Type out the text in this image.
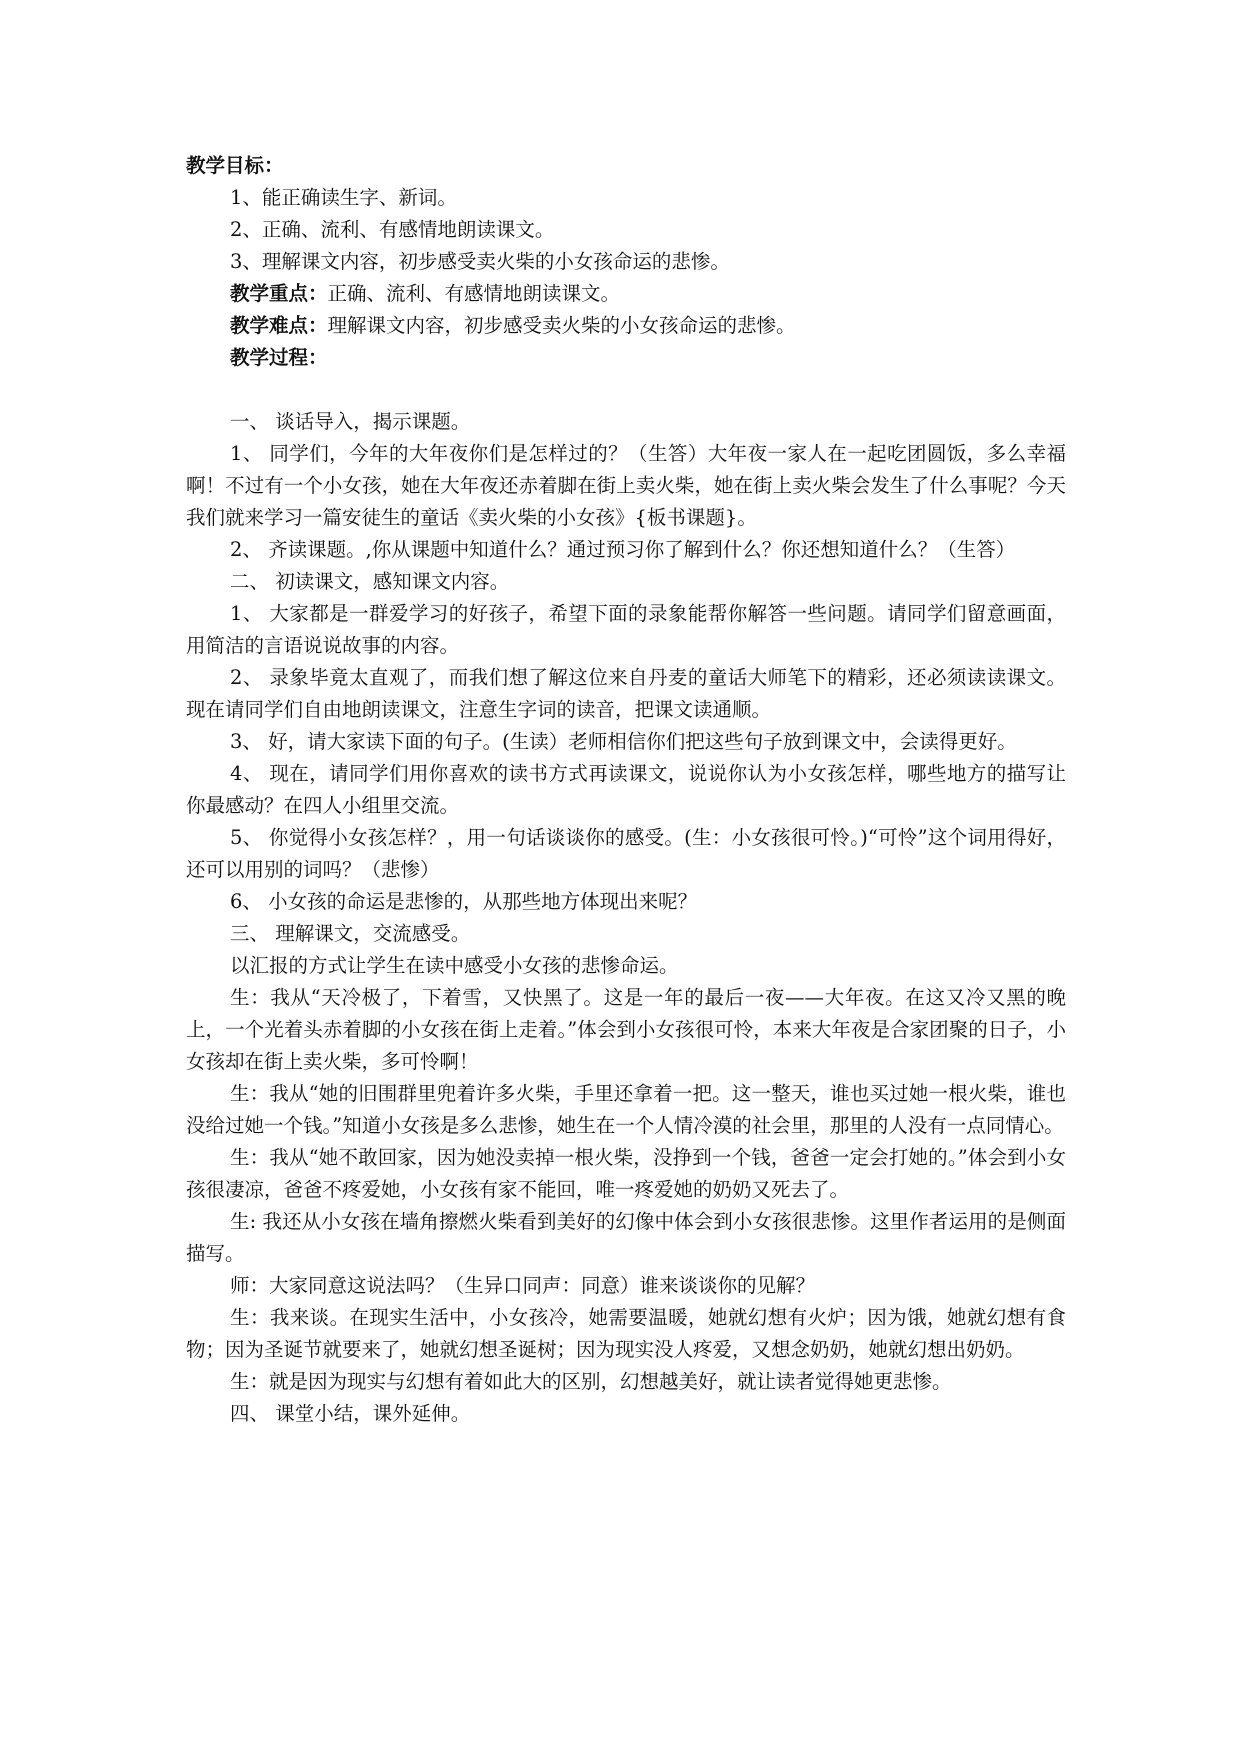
教学目标：
1、能正确读生字、新词。
2、正确、流利、有感情地朗读课文。
3、理解课文内容，初步感受卖火柴的小女孩命运的悲惨。
教学重点：正确、流利、有感情地朗读课文。
教学难点：理解课文内容，初步感受卖火柴的小女孩命运的悲惨。
教学过程：
一、 谈话导入，揭示课题。
1、 同学们，今年的大年夜你们是怎样过的？（生答）大年夜一家人在一起吃团圆饭，多么幸福啊！不过有一个小女孩，她在大年夜还赤着脚在街上卖火柴，她在街上卖火柴会发生了什么事呢？今天我们就来学习一篇安徒生的童话《卖火柴的小女孩》{板书课题}。
2、 齐读课题。,你从课题中知道什么？通过预习你了解到什么？你还想知道什么？（生答）
二、 初读课文，感知课文内容。
1、 大家都是一群爱学习的好孩子，希望下面的录象能帮你解答一些问题。请同学们留意画面，用简洁的言语说说故事的内容。
2、 录象毕竟太直观了，而我们想了解这位来自丹麦的童话大师笔下的精彩，还必须读读课文。现在请同学们自由地朗读课文，注意生字词的读音，把课文读通顺。
3、 好，请大家读下面的句子。(生读）老师相信你们把这些句子放到课文中，会读得更好。
4、 现在，请同学们用你喜欢的读书方式再读课文，说说你认为小女孩怎样，哪些地方的描写让你最感动？在四人小组里交流。
5、 你觉得小女孩怎样？，用一句话谈谈你的感受。(生：小女孩很可怜。)“可怜”这个词用得好，还可以用别的词吗？（悲惨）
6、 小女孩的命运是悲惨的，从那些地方体现出来呢？
三、 理解课文，交流感受。
以汇报的方式让学生在读中感受小女孩的悲惨命运。
生：我从“天冷极了，下着雪，又快黑了。这是一年的最后一夜——大年夜。在这又冷又黑的晚上，一个光着头赤着脚的小女孩在街上走着。”体会到小女孩很可怜，本来大年夜是合家团聚的日子，小女孩却在街上卖火柴，多可怜啊！
生：我从“她的旧围群里兜着许多火柴，手里还拿着一把。这一整天，谁也买过她一根火柴，谁也没给过她一个钱。”知道小女孩是多么悲惨，她生在一个人情冷漠的社会里，那里的人没有一点同情心。
生：我从“她不敢回家，因为她没卖掉一根火柴，没挣到一个钱，爸爸一定会打她的。”体会到小女孩很凄凉，爸爸不疼爱她，小女孩有家不能回，唯一疼爱她的奶奶又死去了。
生: 我还从小女孩在墙角擦燃火柴看到美好的幻像中体会到小女孩很悲惨。这里作者运用的是侧面描写。
师：大家同意这说法吗？（生异口同声：同意）谁来谈谈你的见解？
生：我来谈。在现实生活中，小女孩冷，她需要温暖，她就幻想有火炉；因为饿，她就幻想有食物；因为圣诞节就要来了，她就幻想圣诞树；因为现实没人疼爱，又想念奶奶，她就幻想出奶奶。
生：就是因为现实与幻想有着如此大的区别，幻想越美好，就让读者觉得她更悲惨。
四、 课堂小结，课外延伸。
